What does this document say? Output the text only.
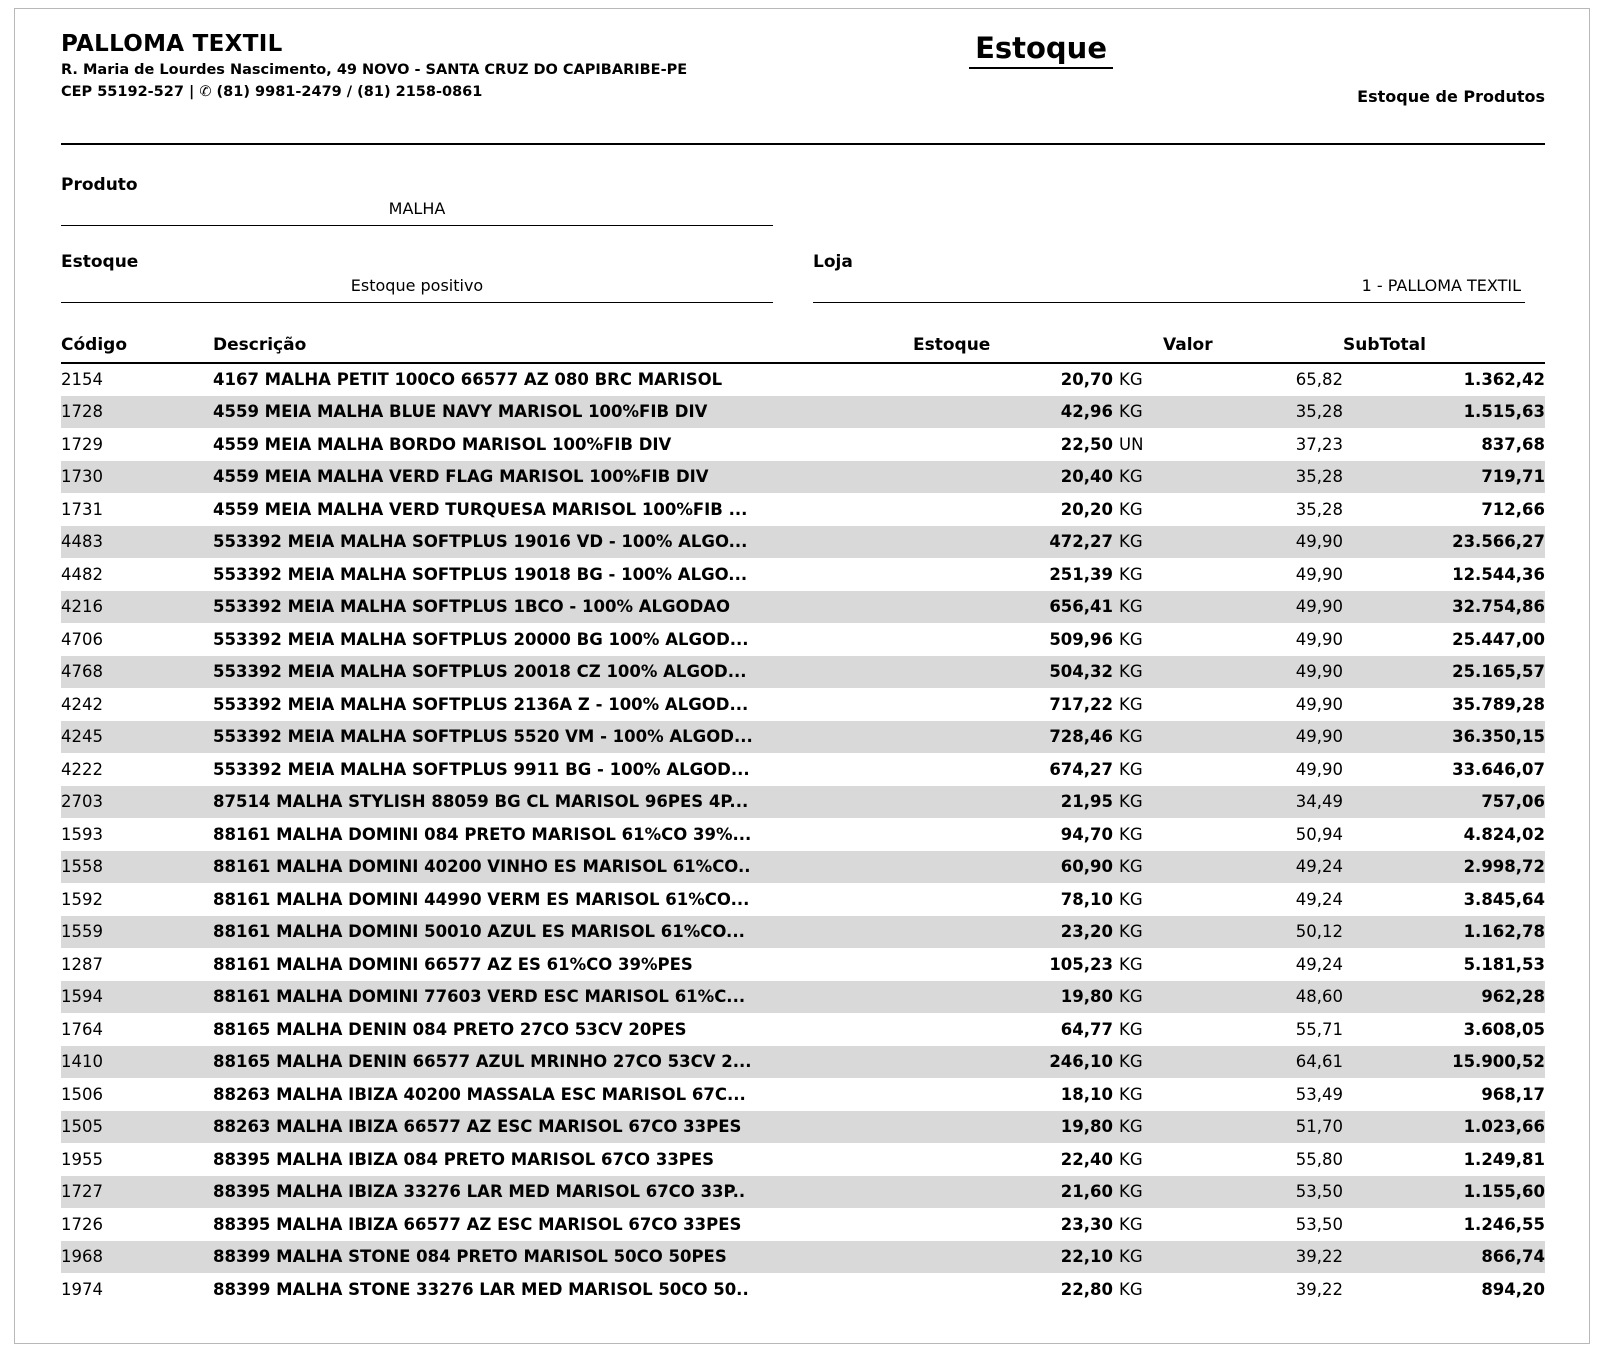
PALLOMA TEXTIL
R. Maria de Lourdes Nascimento, 49 NOVO - SANTA CRUZ DO CAPIBARIBE-PE
CEP 55192-527 | ✆ (81) 9981-2479 / (81) 2158-0861
Estoque
Estoque de Produtos
Produto
MALHA
Estoque
Estoque positivo
Loja
1 - PALLOMA TEXTIL
Código	Descrição	Estoque	Valor	SubTotal
2154	4167 MALHA PETIT 100CO 66577 AZ 080 BRC MARISOL	20,70 KG	65,82	1.362,42
1728	4559 MEIA MALHA BLUE NAVY MARISOL 100%FIB DIV	42,96 KG	35,28	1.515,63
1729	4559 MEIA MALHA BORDO MARISOL 100%FIB DIV	22,50 UN	37,23	837,68
1730	4559 MEIA MALHA VERD FLAG MARISOL 100%FIB DIV	20,40 KG	35,28	719,71
1731	4559 MEIA MALHA VERD TURQUESA MARISOL 100%FIB ...	20,20 KG	35,28	712,66
4483	553392 MEIA MALHA SOFTPLUS 19016 VD - 100% ALGO...	472,27 KG	49,90	23.566,27
4482	553392 MEIA MALHA SOFTPLUS 19018 BG - 100% ALGO...	251,39 KG	49,90	12.544,36
4216	553392 MEIA MALHA SOFTPLUS 1BCO - 100% ALGODAO	656,41 KG	49,90	32.754,86
4706	553392 MEIA MALHA SOFTPLUS 20000 BG 100% ALGOD...	509,96 KG	49,90	25.447,00
4768	553392 MEIA MALHA SOFTPLUS 20018 CZ 100% ALGOD...	504,32 KG	49,90	25.165,57
4242	553392 MEIA MALHA SOFTPLUS 2136A Z - 100% ALGOD...	717,22 KG	49,90	35.789,28
4245	553392 MEIA MALHA SOFTPLUS 5520 VM - 100% ALGOD...	728,46 KG	49,90	36.350,15
4222	553392 MEIA MALHA SOFTPLUS 9911 BG - 100% ALGOD...	674,27 KG	49,90	33.646,07
2703	87514 MALHA STYLISH 88059 BG CL MARISOL 96PES 4P...	21,95 KG	34,49	757,06
1593	88161 MALHA DOMINI 084 PRETO MARISOL 61%CO 39%...	94,70 KG	50,94	4.824,02
1558	88161 MALHA DOMINI 40200 VINHO ES MARISOL 61%CO..	60,90 KG	49,24	2.998,72
1592	88161 MALHA DOMINI 44990 VERM ES MARISOL 61%CO...	78,10 KG	49,24	3.845,64
1559	88161 MALHA DOMINI 50010 AZUL ES MARISOL 61%CO...	23,20 KG	50,12	1.162,78
1287	88161 MALHA DOMINI 66577 AZ ES 61%CO 39%PES	105,23 KG	49,24	5.181,53
1594	88161 MALHA DOMINI 77603 VERD ESC MARISOL 61%C...	19,80 KG	48,60	962,28
1764	88165 MALHA DENIN 084 PRETO 27CO 53CV 20PES	64,77 KG	55,71	3.608,05
1410	88165 MALHA DENIN 66577 AZUL MRINHO 27CO 53CV 2...	246,10 KG	64,61	15.900,52
1506	88263 MALHA IBIZA 40200 MASSALA ESC MARISOL 67C...	18,10 KG	53,49	968,17
1505	88263 MALHA IBIZA 66577 AZ ESC MARISOL 67CO 33PES	19,80 KG	51,70	1.023,66
1955	88395 MALHA IBIZA 084 PRETO MARISOL 67CO 33PES	22,40 KG	55,80	1.249,81
1727	88395 MALHA IBIZA 33276 LAR MED MARISOL 67CO 33P..	21,60 KG	53,50	1.155,60
1726	88395 MALHA IBIZA 66577 AZ ESC MARISOL 67CO 33PES	23,30 KG	53,50	1.246,55
1968	88399 MALHA STONE 084 PRETO MARISOL 50CO 50PES	22,10 KG	39,22	866,74
1974	88399 MALHA STONE 33276 LAR MED MARISOL 50CO 50..	22,80 KG	39,22	894,20
